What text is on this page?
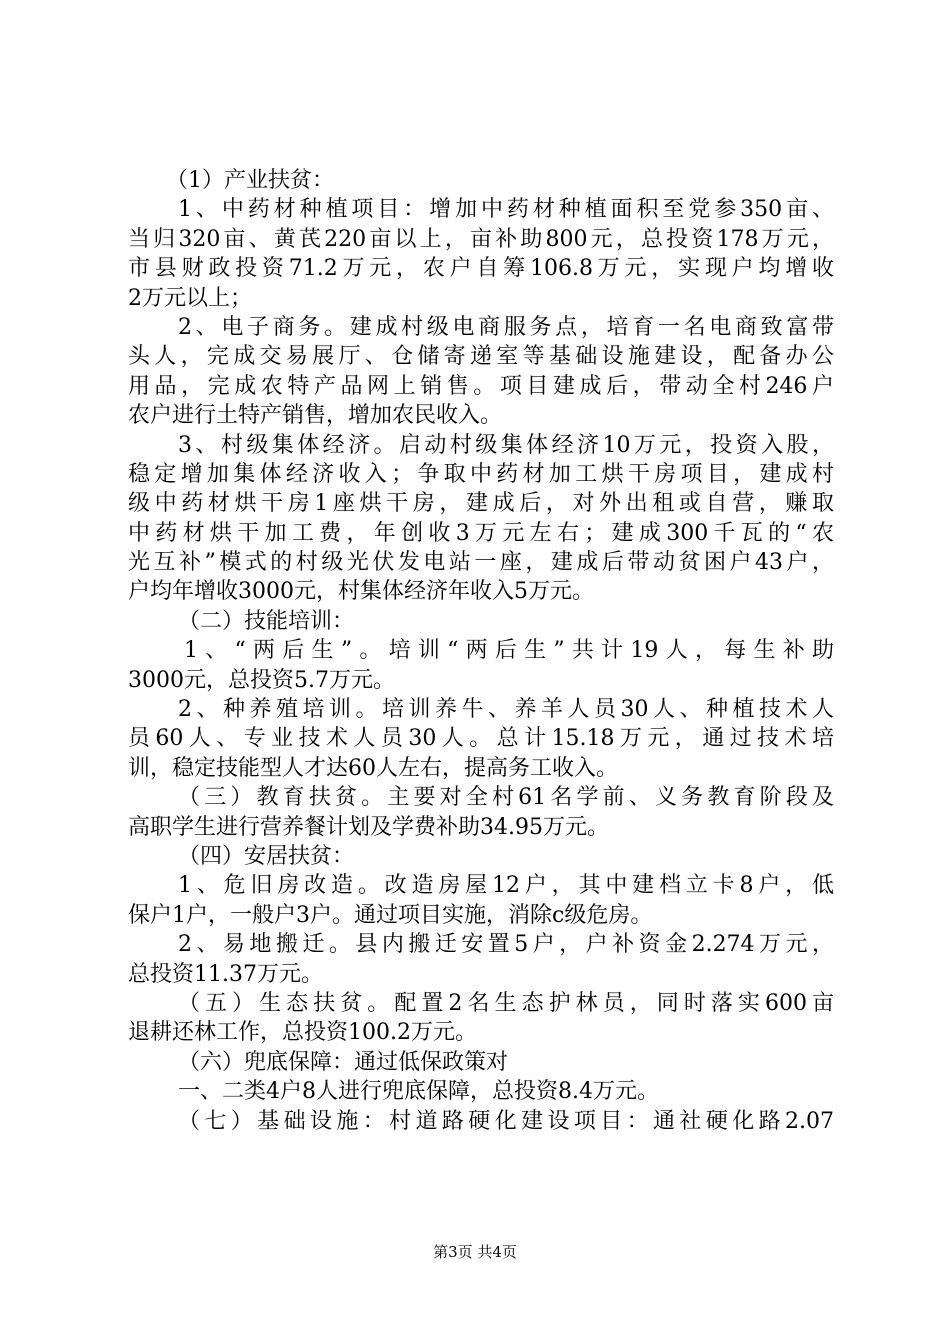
（1）产业扶贫：
1、中药材种植项目：增加中药材种植面积至党参350亩、
当归320亩、黄芪220亩以上，亩补助800元，总投资178万元，
市县财政投资71.2万元，农户自筹106.8万元，实现户均增收
2万元以上；
2、电子商务。建成村级电商服务点，培育一名电商致富带
头人，完成交易展厅、仓储寄递室等基础设施建设，配备办公
用品，完成农特产品网上销售。项目建成后，带动全村246户
农户进行土特产销售，增加农民收入。
3、村级集体经济。启动村级集体经济10万元，投资入股，
稳定增加集体经济收入；争取中药材加工烘干房项目，建成村
级中药材烘干房1座烘干房，建成后，对外出租或自营，赚取
中药材烘干加工费，年创收3万元左右；建成300千瓦的“农
光互补”模式的村级光伏发电站一座，建成后带动贫困户43户，
户均年增收3000元，村集体经济年收入5万元。
（二）技能培训：
1、“两后生”。培训“两后生”共计19人，每生补助
3000元，总投资5.7万元。
2、种养殖培训。培训养牛、养羊人员30人、种植技术人
员60人、专业技术人员30人。总计15.18万元，通过技术培
训，稳定技能型人才达60人左右，提高务工收入。
（三）教育扶贫。主要对全村61名学前、义务教育阶段及
高职学生进行营养餐计划及学费补助34.95万元。
（四）安居扶贫：
1、危旧房改造。改造房屋12户，其中建档立卡8户，低
保户1户，一般户3户。通过项目实施，消除c级危房。
2、易地搬迁。县内搬迁安置5户，户补资金2.274万元，
总投资11.37万元。
（五）生态扶贫。配置2名生态护林员，同时落实600亩
退耕还林工作，总投资100.2万元。
（六）兜底保障：通过低保政策对
一、二类4户8人进行兜底保障，总投资8.4万元。
（七）基础设施：村道路硬化建设项目：通社硬化路2.07
第3页 共4页
